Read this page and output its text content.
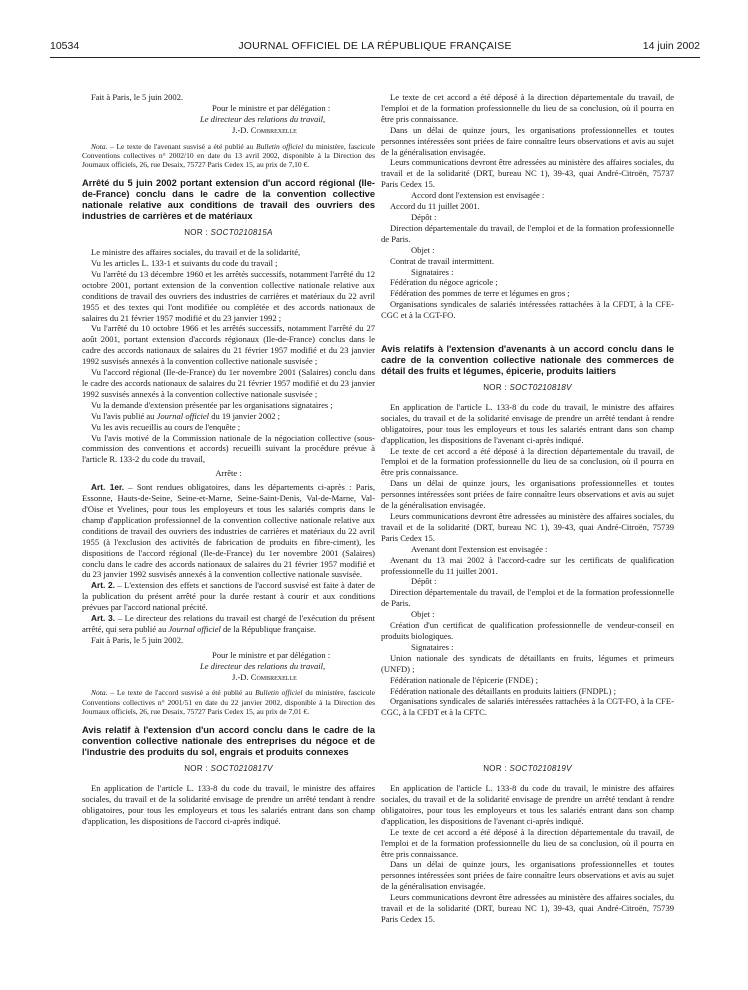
10534	JOURNAL OFFICIEL DE LA RÉPUBLIQUE FRANÇAISE	14 juin 2002

Fait à Paris, le 5 juin 2002.

Pour le ministre et par délégation :

Le directeur des relations du travail,

J.-D. Combrexelle

Nota. – Le texte de l'avenant susvisé a été publié au Bulletin officiel du ministère, fascicule Conventions collectives n° 2002/10 en date du 13 avril 2002, disponible à la Direction des Journaux officiels, 26, rue Desaix, 75727 Paris Cedex 15, au prix de 7,10 €.

Arrêté du 5 juin 2002 portant extension d'un accord régional (Ile-de-France) conclu dans le cadre de la convention collective nationale relative aux conditions de travail des ouvriers des industries de carrières et de matériaux
NOR : SOCT0210815A

Le ministre des affaires sociales, du travail et de la solidarité,

Vu les articles L. 133-1 et suivants du code du travail ;

Vu l'arrêté du 13 décembre 1960 et les arrêtés successifs, notamment l'arrêté du 12 octobre 2001, portant extension de la convention collective nationale relative aux conditions de travail des ouvriers des industries de carrières et matériaux du 22 avril 1955 et des textes qui l'ont modifiée ou complétée et des accords nationaux de salaires du 21 février 1957 modifié et du 23 janvier 1992 ;

Vu l'arrêté du 10 octobre 1966 et les arrêtés successifs, notamment l'arrêté du 27 août 2001, portant extension d'accords régionaux (Ile-de-France) conclus dans le cadre des accords nationaux de salaires du 21 février 1957 modifié et du 23 janvier 1992 susvisés annexés à la convention collective nationale susvisée ;

Vu l'accord régional (Ile-de-France) du 1er novembre 2001 (Salaires) conclu dans le cadre des accords nationaux de salaires du 21 février 1957 modifié et du 23 janvier 1992 susvisés annexés à la convention collective nationale susvisée ;

Vu la demande d'extension présentée par les organisations signataires ;

Vu l'avis publié au Journal officiel du 19 janvier 2002 ;

Vu les avis recueillis au cours de l'enquête ;

Vu l'avis motivé de la Commission nationale de la négociation collective (sous-commission des conventions et accords) recueilli suivant la procédure prévue à l'article R. 133-2 du code du travail,

Arrête :

Art. 1er. – Sont rendues obligatoires, dans les départements ci-après : Paris, Essonne, Hauts-de-Seine, Seine-et-Marne, Seine-Saint-Denis, Val-de-Marne, Val-d'Oise et Yvelines, pour tous les employeurs et tous les salariés compris dans le champ d'application professionnel de la convention collective nationale relative aux conditions de travail des ouvriers des industries de carrières et matériaux du 22 avril 1955 (à l'exclusion des activités de fabrication de produits en fibre-ciment), les dispositions de l'accord régional (Ile-de-France) du 1er novembre 2001 (Salaires) conclu dans le cadre des accords nationaux de salaires du 21 février 1957 modifié et du 23 janvier 1992 susvisés annexés à la convention collective nationale susvisée.

Art. 2. – L'extension des effets et sanctions de l'accord susvisé est faite à dater de la publication du présent arrêté pour la durée restant à courir et aux conditions prévues par l'accord national précité.

Art. 3. – Le directeur des relations du travail est chargé de l'exécution du présent arrêté, qui sera publié au Journal officiel de la République française.

Fait à Paris, le 5 juin 2002.

Pour le ministre et par délégation :

Le directeur des relations du travail,

J.-D. Combrexelle

Nota. – Le texte de l'accord susvisé a été publié au Bulletin officiel du ministère, fascicule Conventions collectives n° 2001/51 en date du 22 janvier 2002, disponible à la Direction des Journaux officiels, 26, rue Desaix, 75727 Paris Cedex 15, au prix de 7,01 €.

Avis relatif à l'extension d'un accord conclu dans le cadre de la convention collective nationale des entreprises du négoce et de l'industrie des produits du sol, engrais et produits connexes
NOR : SOCT0210817V

En application de l'article L. 133-8 du code du travail, le ministre des affaires sociales, du travail et de la solidarité envisage de prendre un arrêté tendant à rendre obligatoires, pour tous les employeurs et tous les salariés entrant dans son champ d'application, les dispositions de l'accord ci-après indiqué.

Le texte de cet accord a été déposé à la direction départementale du travail, de l'emploi et de la formation professionnelle du lieu de sa conclusion, où il pourra en être pris connaissance.

Dans un délai de quinze jours, les organisations professionnelles et toutes personnes intéressées sont priées de faire connaître leurs observations et avis au sujet de la généralisation envisagée.

Leurs communications devront être adressées au ministère des affaires sociales, du travail et de la solidarité (DRT, bureau NC 1), 39-43, quai André-Citroën, 75737 Paris Cedex 15.

Accord dont l'extension est envisagée :

Accord du 11 juillet 2001.

Dépôt :

Direction départementale du travail, de l'emploi et de la formation professionnelle de Paris.

Objet :

Contrat de travail intermittent.

Signataires :

Fédération du négoce agricole ;

Fédération des pommes de terre et légumes en gros ;

Organisations syndicales de salariés intéressées rattachées à la CFDT, à la CFE-CGC et à la CGT-FO.

Avis relatifs à l'extension d'avenants à un accord conclu dans le cadre de la convention collective nationale des commerces de détail des fruits et légumes, épicerie, produits laitiers
NOR : SOCT0210818V

En application de l'article L. 133-8 du code du travail, le ministre des affaires sociales, du travail et de la solidarité envisage de prendre un arrêté tendant à rendre obligatoires, pour tous les employeurs et tous les salariés entrant dans son champ d'application, les dispositions de l'avenant ci-après indiqué.

Le texte de cet accord a été déposé à la direction départementale du travail, de l'emploi et de la formation professionnelle du lieu de sa conclusion, où il pourra en être pris connaissance.

Dans un délai de quinze jours, les organisations professionnelles et toutes personnes intéressées sont priées de faire connaître leurs observations et avis au sujet de la généralisation envisagée.

Leurs communications devront être adressées au ministère des affaires sociales, du travail et de la solidarité (DRT, bureau NC 1), 39-43, quai André-Citroën, 75739 Paris Cedex 15.

Avenant dont l'extension est envisagée :

Avenant du 13 mai 2002 à l'accord-cadre sur les certificats de qualification professionnelle du 11 juillet 2001.

Dépôt :

Direction départementale du travail, de l'emploi et de la formation professionnelle de Paris.

Objet :

Création d'un certificat de qualification professionnelle de vendeur-conseil en produits biologiques.

Signataires :

Union nationale des syndicats de détaillants en fruits, légumes et primeurs (UNFD) ;

Fédération nationale de l'épicerie (FNDE) ;

Fédération nationale des détaillants en produits laitiers (FNDPL) ;

Organisations syndicales de salariés intéressées rattachées à la CGT-FO, à la CFE-CGC, à la CFDT et à la CFTC.

NOR : SOCT0210819V

En application de l'article L. 133-8 du code du travail, le ministre des affaires sociales, du travail et de la solidarité envisage de prendre un arrêté tendant à rendre obligatoires, pour tous les employeurs et tous les salariés entrant dans son champ d'application, les dispositions de l'avenant ci-après indiqué.

Le texte de cet accord a été déposé à la direction départementale du travail, de l'emploi et de la formation professionnelle du lieu de sa conclusion, où il pourra en être pris connaissance.

Dans un délai de quinze jours, les organisations professionnelles et toutes personnes intéressées sont priées de faire connaître leurs observations et avis au sujet de la généralisation envisagée.

Leurs communications devront être adressées au ministère des affaires sociales, du travail et de la solidarité (DRT, bureau NC 1), 39-43, quai André-Citroën, 75739 Paris Cedex 15.
